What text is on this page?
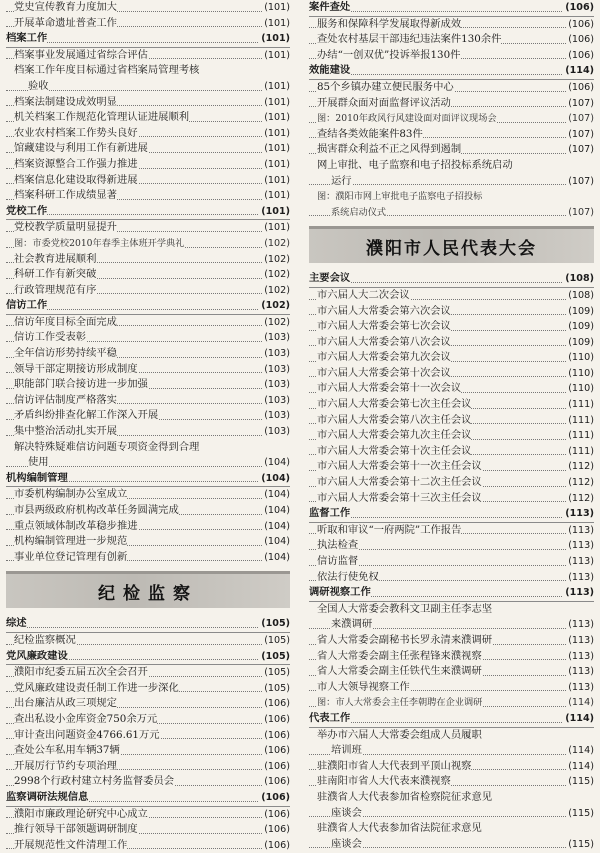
党史宣传教育力度加大	(101)
开展革命遗址普查工作	(101)
档案工作	(101)
档案事业发展通过省综合评估	(101)
档案工作年度目标通过省档案局管理考核
验收	(101)
档案法制建设成效明显	(101)
机关档案工作规范化管理认证进展顺利	(101)
农业农村档案工作势头良好	(101)
馆藏建设与利用工作有新进展	(101)
档案资源整合工作强力推进	(101)
档案信息化建设取得新进展	(101)
档案科研工作成绩显著	(101)
党校工作	(101)
党校教学质量明显提升	(101)
图：市委党校2010年春季主体班开学典礼	(102)
社会教育进展顺利	(102)
科研工作有新突破	(102)
行政管理规范有序	(102)
信访工作	(102)
信访年度目标全面完成	(102)
信访工作受表彰	(103)
全年信访形势持续平稳	(103)
领导干部定期接访形成制度	(103)
职能部门联合接访进一步加强	(103)
信访评估制度严格落实	(103)
矛盾纠纷排查化解工作深入开展	(103)
集中整治活动扎实开展	(103)
解决特殊疑难信访问题专项资金得到合理
使用	(104)
机构编制管理	(104)
市委机构编制办公室成立	(104)
市县两级政府机构改革任务圆满完成	(104)
重点领域体制改革稳步推进	(104)
机构编制管理进一步规范	(104)
事业单位登记管理有创新	(104)
纪检监察
综述	(105)
纪检监察概况	(105)
党风廉政建设	(105)
濮阳市纪委五届五次全会召开	(105)
党风廉政建设责任制工作进一步深化	(105)
出台廉洁从政三项规定	(106)
查出私设小金库资金750余万元	(106)
审计查出问题资金4766.61万元	(106)
查处公车私用车辆37辆	(106)
开展厉行节约专项治理	(106)
2998个行政村建立村务监督委员会	(106)
监察调研法规信息	(106)
濮阳市廉政理论研究中心成立	(106)
推行领导干部领题调研制度	(106)
开展规范性文件清理工作	(106)
案件查处	(106)
服务和保障科学发展取得新成效	(106)
查处农村基层干部违纪违法案件130余件	(106)
办结“一创双优”投诉举报130件	(106)
效能建设	(114)
85个乡镇办建立便民服务中心	(106)
开展群众面对面监督评议活动	(107)
图：2010年政风行风建设面对面评议现场会	(107)
查结各类效能案件83件	(107)
损害群众利益不正之风得到遏制	(107)
网上审批、电子监察和电子招投标系统启动
运行	(107)
图：濮阳市网上审批电子监察电子招投标
系统启动仪式	(107)
濮阳市人民代表大会
主要会议	(108)
市六届人大二次会议	(108)
市六届人大常委会第六次会议	(109)
市六届人大常委会第七次会议	(109)
市六届人大常委会第八次会议	(109)
市六届人大常委会第九次会议	(110)
市六届人大常委会第十次会议	(110)
市六届人大常委会第十一次会议	(110)
市六届人大常委会第七次主任会议	(111)
市六届人大常委会第八次主任会议	(111)
市六届人大常委会第九次主任会议	(111)
市六届人大常委会第十次主任会议	(111)
市六届人大常委会第十一次主任会议	(112)
市六届人大常委会第十二次主任会议	(112)
市六届人大常委会第十三次主任会议	(112)
监督工作	(113)
听取和审议“一府两院”工作报告	(113)
执法检查	(113)
信访监督	(113)
依法行使免权	(113)
调研视察工作	(113)
全国人大常委会教科文卫副主任李志坚
来濮调研	(113)
省人大常委会副秘书长罗永清来濮调研	(113)
省人大常委会副主任张程锋来濮视察	(113)
省人大常委会副主任铁代生来濮调研	(113)
市人大领导视察工作	(113)
图：市人大常委会主任李朝聘在企业调研	(114)
代表工作	(114)
举办市六届人大常委会组成人员履职
培训班	(114)
驻濮阳市省人大代表到平顶山视察	(114)
驻南阳市省人大代表来濮视察	(115)
驻濮省人大代表参加省检察院征求意见
座谈会	(115)
驻濮省人大代表参加省法院征求意见
座谈会	(115)
